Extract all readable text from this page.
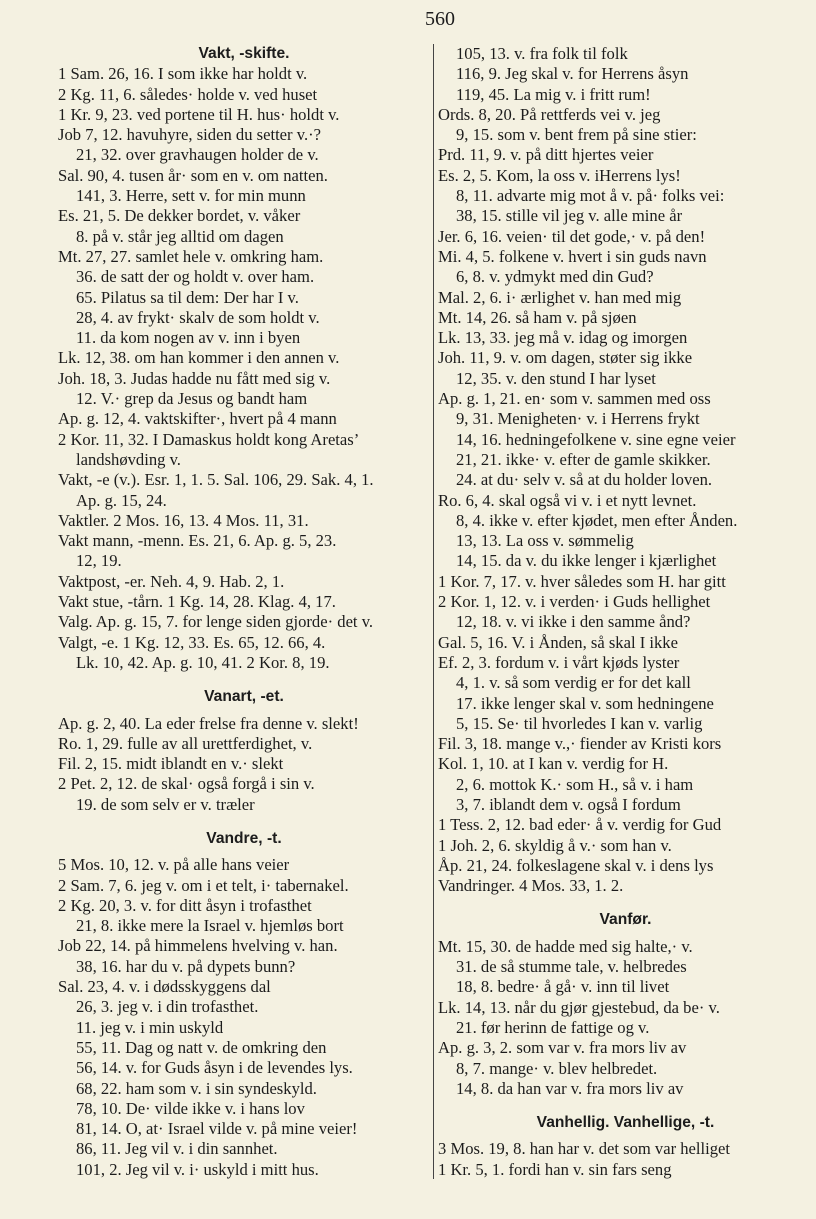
560
Vakt, -skifte.
1 Sam. 26, 16. I som ikke har holdt v.
2 Kg. 11, 6. således· holde v. ved huset
1 Kr. 9, 23. ved portene til H. hus· holdt v.
Job 7, 12. havuhyre, siden du setter v.·?
21, 32. over gravhaugen holder de v.
Sal. 90, 4. tusen år· som en v. om natten.
141, 3. Herre, sett v. for min munn
Es. 21, 5. De dekker bordet, v. våker
8. på v. står jeg alltid om dagen
Mt. 27, 27. samlet hele v. omkring ham.
36. de satt der og holdt v. over ham.
65. Pilatus sa til dem: Der har I v.
28, 4. av frykt· skalv de som holdt v.
11. da kom nogen av v. inn i byen
Lk. 12, 38. om han kommer i den annen v.
Joh. 18, 3. Judas hadde nu fått med sig v.
12. V.· grep da Jesus og bandt ham
Ap. g. 12, 4. vaktskifter·, hvert på 4 mann
2 Kor. 11, 32. I Damaskus holdt kong Aretas’
landshøvding v.
Vakt, -e (v.). Esr. 1, 1. 5. Sal. 106, 29. Sak. 4, 1.
Ap. g. 15, 24.
Vaktler. 2 Mos. 16, 13. 4 Mos. 11, 31.
Vakt mann, -menn. Es. 21, 6. Ap. g. 5, 23.
12, 19.
Vaktpost, -er. Neh. 4, 9. Hab. 2, 1.
Vakt stue, -tårn. 1 Kg. 14, 28. Klag. 4, 17.
Valg. Ap. g. 15, 7. for lenge siden gjorde· det v.
Valgt, -e. 1 Kg. 12, 33. Es. 65, 12. 66, 4.
Lk. 10, 42. Ap. g. 10, 41. 2 Kor. 8, 19.
Vanart, -et.
Ap. g. 2, 40. La eder frelse fra denne v. slekt!
Ro. 1, 29. fulle av all urettferdighet, v.
Fil. 2, 15. midt iblandt en v.· slekt
2 Pet. 2, 12. de skal· også forgå i sin v.
19. de som selv er v. træler
Vandre, -t.
5 Mos. 10, 12. v. på alle hans veier
2 Sam. 7, 6. jeg v. om i et telt, i· tabernakel.
2 Kg. 20, 3. v. for ditt åsyn i trofasthet
21, 8. ikke mere la Israel v. hjemløs bort
Job 22, 14. på himmelens hvelving v. han.
38, 16. har du v. på dypets bunn?
Sal. 23, 4. v. i dødsskyggens dal
26, 3. jeg v. i din trofasthet.
11. jeg v. i min uskyld
55, 11. Dag og natt v. de omkring den
56, 14. v. for Guds åsyn i de levendes lys.
68, 22. ham som v. i sin syndeskyld.
78, 10. De· vilde ikke v. i hans lov
81, 14. O, at· Israel vilde v. på mine veier!
86, 11. Jeg vil v. i din sannhet.
101, 2. Jeg vil v. i· uskyld i mitt hus.
105, 13. v. fra folk til folk
116, 9. Jeg skal v. for Herrens åsyn
119, 45. La mig v. i fritt rum!
Ords. 8, 20. På rettferds vei v. jeg
9, 15. som v. bent frem på sine stier:
Prd. 11, 9. v. på ditt hjertes veier
Es. 2, 5. Kom, la oss v. iHerrens lys!
8, 11. advarte mig mot å v. på· folks vei:
38, 15. stille vil jeg v. alle mine år
Jer. 6, 16. veien· til det gode,· v. på den!
Mi. 4, 5. folkene v. hvert i sin guds navn
6, 8. v. ydmykt med din Gud?
Mal. 2, 6. i· ærlighet v. han med mig
Mt. 14, 26. så ham v. på sjøen
Lk. 13, 33. jeg må v. idag og imorgen
Joh. 11, 9. v. om dagen, støter sig ikke
12, 35. v. den stund I har lyset
Ap. g. 1, 21. en· som v. sammen med oss
9, 31. Menigheten· v. i Herrens frykt
14, 16. hedningefolkene v. sine egne veier
21, 21. ikke· v. efter de gamle skikker.
24. at du· selv v. så at du holder loven.
Ro. 6, 4. skal også vi v. i et nytt levnet.
8, 4. ikke v. efter kjødet, men efter Ånden.
13, 13. La oss v. sømmelig
14, 15. da v. du ikke lenger i kjærlighet
1 Kor. 7, 17. v. hver således som H. har gitt
2 Kor. 1, 12. v. i verden· i Guds hellighet
12, 18. v. vi ikke i den samme ånd?
Gal. 5, 16. V. i Ånden, så skal I ikke
Ef. 2, 3. fordum v. i vårt kjøds lyster
4, 1. v. så som verdig er for det kall
17. ikke lenger skal v. som hedningene
5, 15. Se· til hvorledes I kan v. varlig
Fil. 3, 18. mange v.,· fiender av Kristi kors
Kol. 1, 10. at I kan v. verdig for H.
2, 6. mottok K.· som H., så v. i ham
3, 7. iblandt dem v. også I fordum
1 Tess. 2, 12. bad eder· å v. verdig for Gud
1 Joh. 2, 6. skyldig å v.· som han v.
Åp. 21, 24. folkeslagene skal v. i dens lys
Vandringer. 4 Mos. 33, 1. 2.
Vanfør.
Mt. 15, 30. de hadde med sig halte,· v.
31. de så stumme tale, v. helbredes
18, 8. bedre· å gå· v. inn til livet
Lk. 14, 13. når du gjør gjestebud, da be· v.
21. før herinn de fattige og v.
Ap. g. 3, 2. som var v. fra mors liv av
8, 7. mange· v. blev helbredet.
14, 8. da han var v. fra mors liv av
Vanhellig. Vanhellige, -t.
3 Mos. 19, 8. han har v. det som var helliget
1 Kr. 5, 1. fordi han v. sin fars seng
